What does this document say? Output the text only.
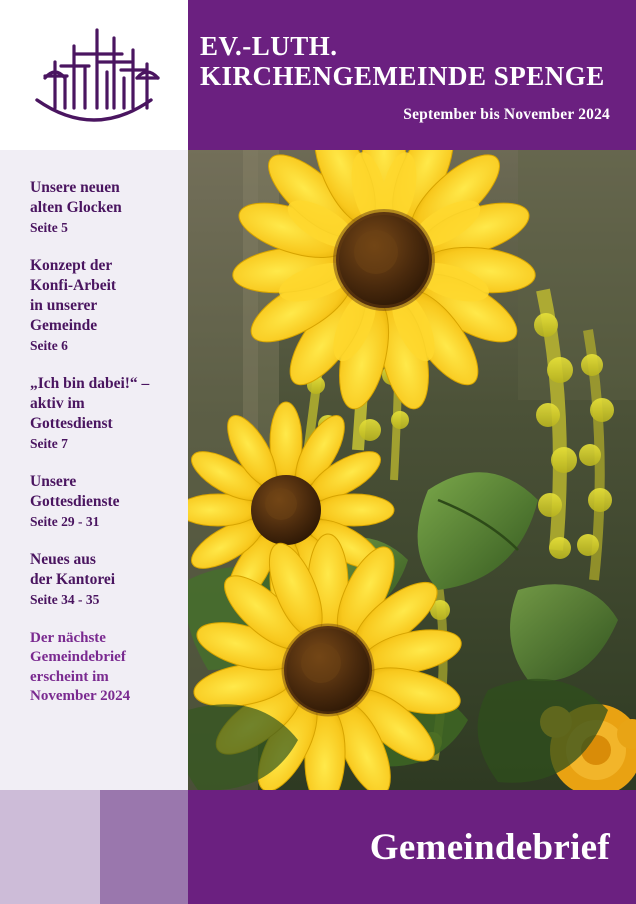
EV.-LUTH.
KIRCHENGEMEINDE SPENGE
September bis November 2024
Unsere neuen
alten Glocken
Seite 5
Konzept der
Konfi-Arbeit
in unserer
Gemeinde
Seite 6
„Ich bin dabei!“ –
aktiv im
Gottesdienst
Seite 7
Unsere
Gottesdienste
Seite 29 - 31
Neues aus
der Kantorei
Seite 34 - 35
Der nächste
Gemeindebrief
erscheint im
November 2024
Gemeindebrief
